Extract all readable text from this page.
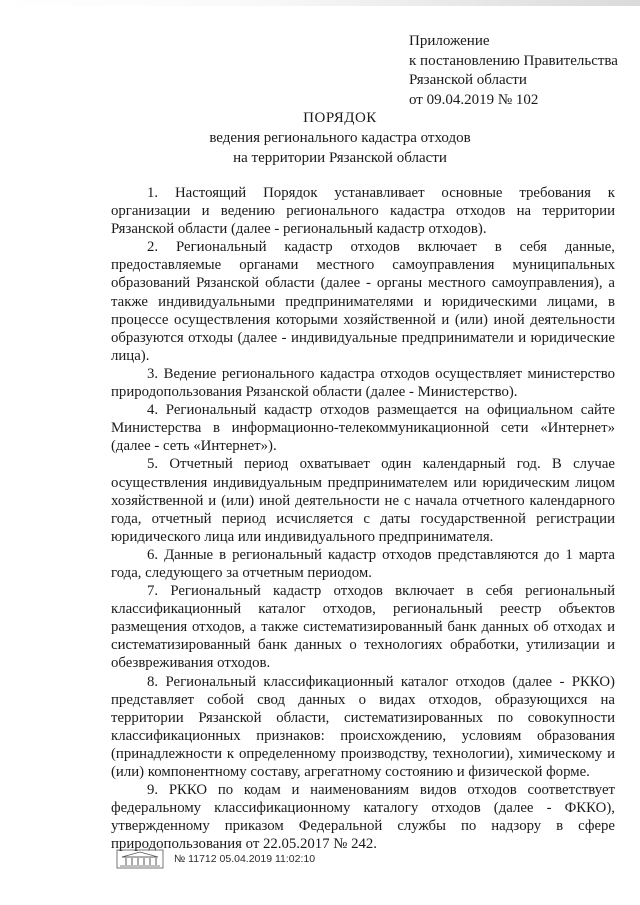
Приложение
к постановлению Правительства
Рязанской области
от 09.04.2019 № 102
ПОРЯДОК
ведения регионального кадастра отходов
на территории Рязанской области

1. Настоящий Порядок устанавливает основные требования к организации и ведению регионального кадастра отходов на территории Рязанской области (далее - региональный кадастр отходов).

2. Региональный кадастр отходов включает в себя данные, предоставляемые органами местного самоуправления муниципальных образований Рязанской области (далее - органы местного самоуправления), а также индивидуальными предпринимателями и юридическими лицами, в процессе осуществления которыми хозяйственной и (или) иной деятельности образуются отходы (далее - индивидуальные предприниматели и юридические лица).

3. Ведение регионального кадастра отходов осуществляет министерство природопользования Рязанской области (далее - Министерство).

4. Региональный кадастр отходов размещается на официальном сайте Министерства в информационно-телекоммуникационной сети «Интернет» (далее - сеть «Интернет»).

5. Отчетный период охватывает один календарный год. В случае осуществления индивидуальным предпринимателем или юридическим лицом хозяйственной и (или) иной деятельности не с начала отчетного календарного года, отчетный период исчисляется с даты государственной регистрации юридического лица или индивидуального предпринимателя.

6. Данные в региональный кадастр отходов представляются до 1 марта года, следующего за отчетным периодом.

7. Региональный кадастр отходов включает в себя региональный классификационный каталог отходов, региональный реестр объектов размещения отходов, а также систематизированный банк данных об отходах и систематизированный банк данных о технологиях обработки, утилизации и обезвреживания отходов.

8. Региональный классификационный каталог отходов (далее - РККО) представляет собой свод данных о видах отходов, образующихся на территории Рязанской области, систематизированных по совокупности классификационных признаков: происхождению, условиям образования (принадлежности к определенному производству, технологии), химическому и (или) компонентному составу, агрегатному состоянию и физической форме.

9. РККО по кодам и наименованиям видов отходов соответствует федеральному классификационному каталогу отходов (далее - ФККО), утвержденному приказом Федеральной службы по надзору в сфере природопользования от 22.05.2017 № 242.

№ 11712 05.04.2019 11:02:10
